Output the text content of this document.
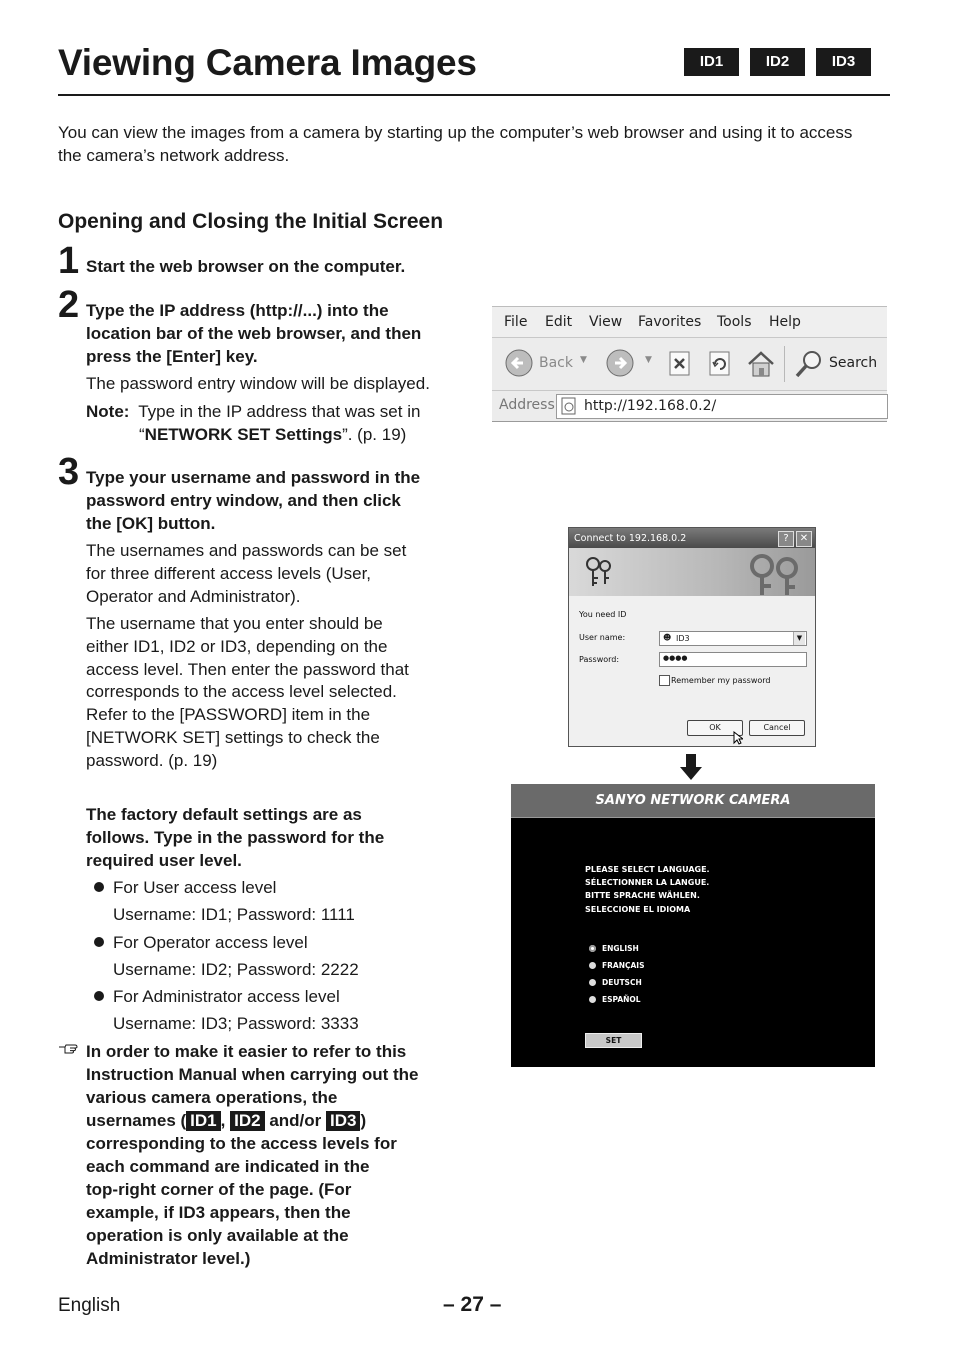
Viewing Camera Images	ID1	ID2	ID3

You can view the images from a camera by starting up the computer’s web browser and using it to access the camera’s network address.

Opening and Closing the Initial Screen
1 Start the web browser on the computer.

2 Type the IP address (http://...) into the
location bar of the web browser, and then
press the [Enter] key.

The password entry window will be displayed.

Note: Type in the IP address that was set in
“NETWORK SET Settings”. (p. 19)
3 Type your username and password in the
password entry window, and then click
the [OK] button.
The usernames and passwords can be set
for three different access levels (User,
Operator and Administrator).
The username that you enter should be
either ID1, ID2 or ID3, depending on the
access level. Then enter the password that
corresponds to the access level selected.
Refer to the [PASSWORD] item in the
[NETWORK SET] settings to check the
password. (p. 19)
The factory default settings are as
follows. Type in the password for the
required user level.
For User access level
Username: ID1; Password: 1111
For Operator access level
Username: ID2; Password: 2222
For Administrator access level
Username: ID3; Password: 3333
In order to make it easier to refer to this
Instruction Manual when carrying out the
various camera operations, the
usernames ( ID1 , ID2 and/or ID3 )
corresponding to the access levels for
each command are indicated in the
top-right corner of the page. (For
example, if ID3 appears, then the
operation is only available at the
Administrator level.)
File Edit View Favorites Tools Help
Back ▼	▼	Search
Address http://192.168.0.2/
Connect to 192.168.0.2	?	✕
You need ID
User name:	☻ ID3	▼
Password:	●●●●
Remember my password
OK	Cancel
SANYO NETWORK CAMERA
PLEASE SELECT LANGUAGE.
SÉLECTIONNER LA LANGUE.
BITTE SPRACHE WÄHLEN.
SELECCIONE EL IDIOMA
ENGLISH
FRANÇAIS
DEUTSCH
ESPAÑOL
SET
English	– 27 –
